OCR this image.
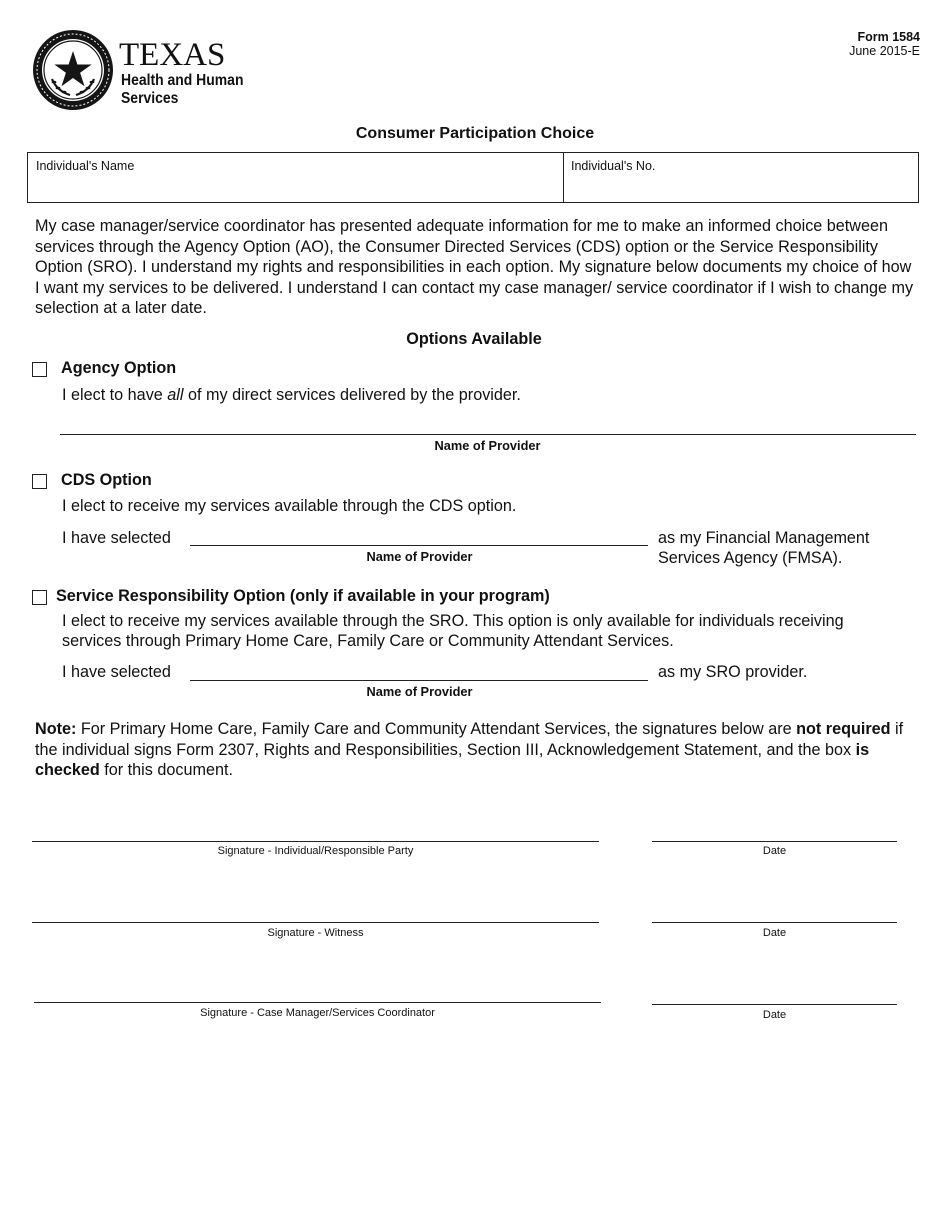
TEXAS
Health and Human
Services
Form 1584
June 2015-E
Consumer Participation Choice
Individual's Name	Individual's No.
My case manager/service coordinator has presented adequate information for me to make an informed choice between services through the Agency Option (AO), the Consumer Directed Services (CDS) option or the Service Responsibility Option (SRO). I understand my rights and responsibilities in each option. My signature below documents my choice of how I want my services to be delivered. I understand I can contact my case manager/ service coordinator if I wish to change my selection at a later date.
Options Available
Agency Option
I elect to have all of my direct services delivered by the provider.
Name of Provider
CDS Option
I elect to receive my services available through the CDS option.
I have selected
Name of Provider
as my Financial Management
Services Agency (FMSA).
Service Responsibility Option (only if available in your program)
I elect to receive my services available through the SRO. This option is only available for individuals receiving
services through Primary Home Care, Family Care or Community Attendant Services.
I have selected
Name of Provider
as my SRO provider.
Note: For Primary Home Care, Family Care and Community Attendant Services, the signatures below are not required if the individual signs Form 2307, Rights and Responsibilities, Section III, Acknowledgement Statement, and the box is checked for this document.
Signature - Individual/Responsible Party	Date
Signature - Witness	Date
Signature - Case Manager/Services Coordinator	Date
